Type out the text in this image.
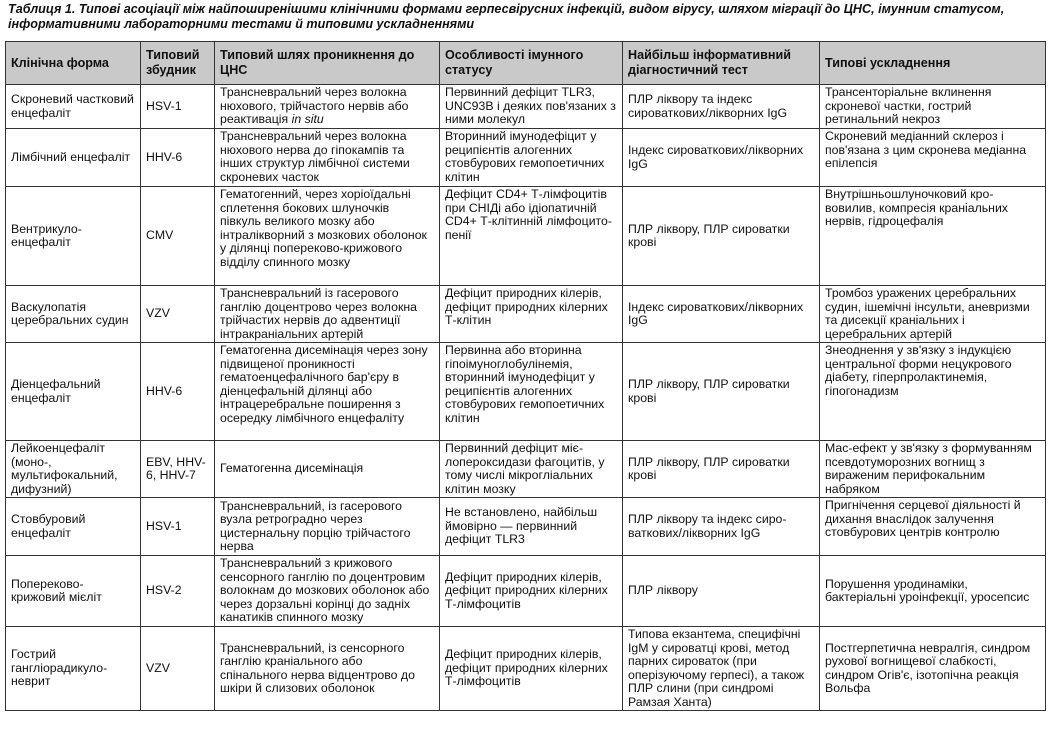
Таблиця 1. Типові асоціації між найпоширенішими клінічними формами герпесвірусних інфекцій, видом вірусу, шляхом міграції до ЦНС, імунним статусом, інформативними лабораторними тестами й типовими ускладненнями
Клінічна форма	Типовий збудник	Типовий шлях проникнення до ЦНС	Особливості імунного статусу	Найбільш інформативний діагностичний тест	Типові ускладнення
Скроневий частковий енцефаліт	HSV-1	Трансневральний через волокна нюхового, трійчастого нервів або реактивація in situ	Первинний дефіцит TLR3, UNC93B і деяких пов'язаних з ними молекул	ПЛР ліквору та індекс сироваткових/лікворних IgG	Трансенторіальне вклинення скроневої частки, гострий ретинальний некроз
Лімбічний енцефаліт	HHV-6	Трансневральний через волокна нюхового нерва до гіпокампів та інших структур лімбічної системи скроневих часток	Вторинний імунодефіцит у реципієнтів алогенних стовбурових гемопоетичних клітин	Індекс сироваткових/лікворних IgG	Скроневий медіанний склероз і пов'язана з цим скронева медіанна епілепсія
Вентрикулоенцефаліт	CMV	Гематогенний, через хоріоїдальні сплетення бокових шлуночків півкуль великого мозку або інтралікворний з мозкових оболонок у ділянці попереково-крижового відділу спинного мозку	Дефіцит CD4+ Т-лімфоцитів при СНІДі або ідіопатичній CD4+ Т-клітинній лімфоцитопенії	ПЛР ліквору, ПЛР сироватки крові	Внутрішньошлуночковий крововилив, компресія кранiальних нервів, гідроцефалія
Васкулопатія церебральних судин	VZV	Трансневральний із гасерового ганглію доцентрово через волокна трійчастих нервів до адвентиції інтракраніальних артерій	Дефіцит природних кілерів, дефіцит природних кілерних Т-клітин	Індекс сироваткових/лікворних IgG	Тромбоз уражених церебральних судин, ішемічні інсульти, аневризми та дисекції кранiальних і церебральних артерій
Діенцефальний енцефаліт	HHV-6	Гематогенна дисемінація через зону підвищеної проникності гематоенцефалічного бар'єру в діенцефальній ділянці або інтрацеребральне поширення з осередку лімбічного енцефаліту	Первинна або вторинна гіпоімуноглобулінемія, вторинний імунодефіцит у реципієнтів алогенних стовбурових гемопоетичних клітин	ПЛР ліквору, ПЛР сироватки крові	Знеоднення у зв'язку з індукцією центральної форми нецукрового діабету, гіперпролактинемія, гіпогонадизм
Лейкоенцефаліт (моно-, мультифокальний, дифузний)	EBV, HHV-6, HHV-7	Гематогенна дисемінація	Первинний дефіцит мієлопероксидази фагоцитів, у тому числі мікрогліальних клітин мозку	ПЛР ліквору, ПЛР сироватки крові	Мас-ефект у зв'язку з формуванням псевдотуморозних вогнищ з вираженим перифокальним набряком
Стовбуровий енцефаліт	HSV-1	Трансневральний, із гасерового вузла ретроградно через цистернальну порцію трійчастого нерва	Не встановлено, найбільш ймовірно — первинний дефіцит TLR3	ПЛР ліквору та індекс сироваткових/лікворних IgG	Пригнічення серцевої діяльності й дихання внаслідок залучення стовбурових центрів контролю
Попереково-крижовий мієліт	HSV-2	Трансневральний з крижового сенсорного ганглію по доцентровим волокнам до мозкових оболонок або через дорзальні корінці до задніх канатиків спинного мозку	Дефіцит природних кілерів, дефіцит природних кілерних Т-лімфоцитів	ПЛР ліквору	Порушення уродинаміки, бактеріальні уроінфекції, уросепсис
Гострий гангліорадикулоневрит	VZV	Трансневральний, із сенсорного ганглію краніального або спінального нерва відцентрово до шкіри й слизових оболонок	Дефіцит природних кілерів, дефіцит природних кілерних Т-лімфоцитів	Типова екзантема, специфічні IgM у сироватці крові, метод парних сироваток (при оперізуючому герпесі), а також ПЛР слини (при синдромі Рамзая Ханта)	Постгерпетична невралгія, синдром рухової вогнищевої слабкості, синдром Огів'є, ізотопічна реакція Вольфа
